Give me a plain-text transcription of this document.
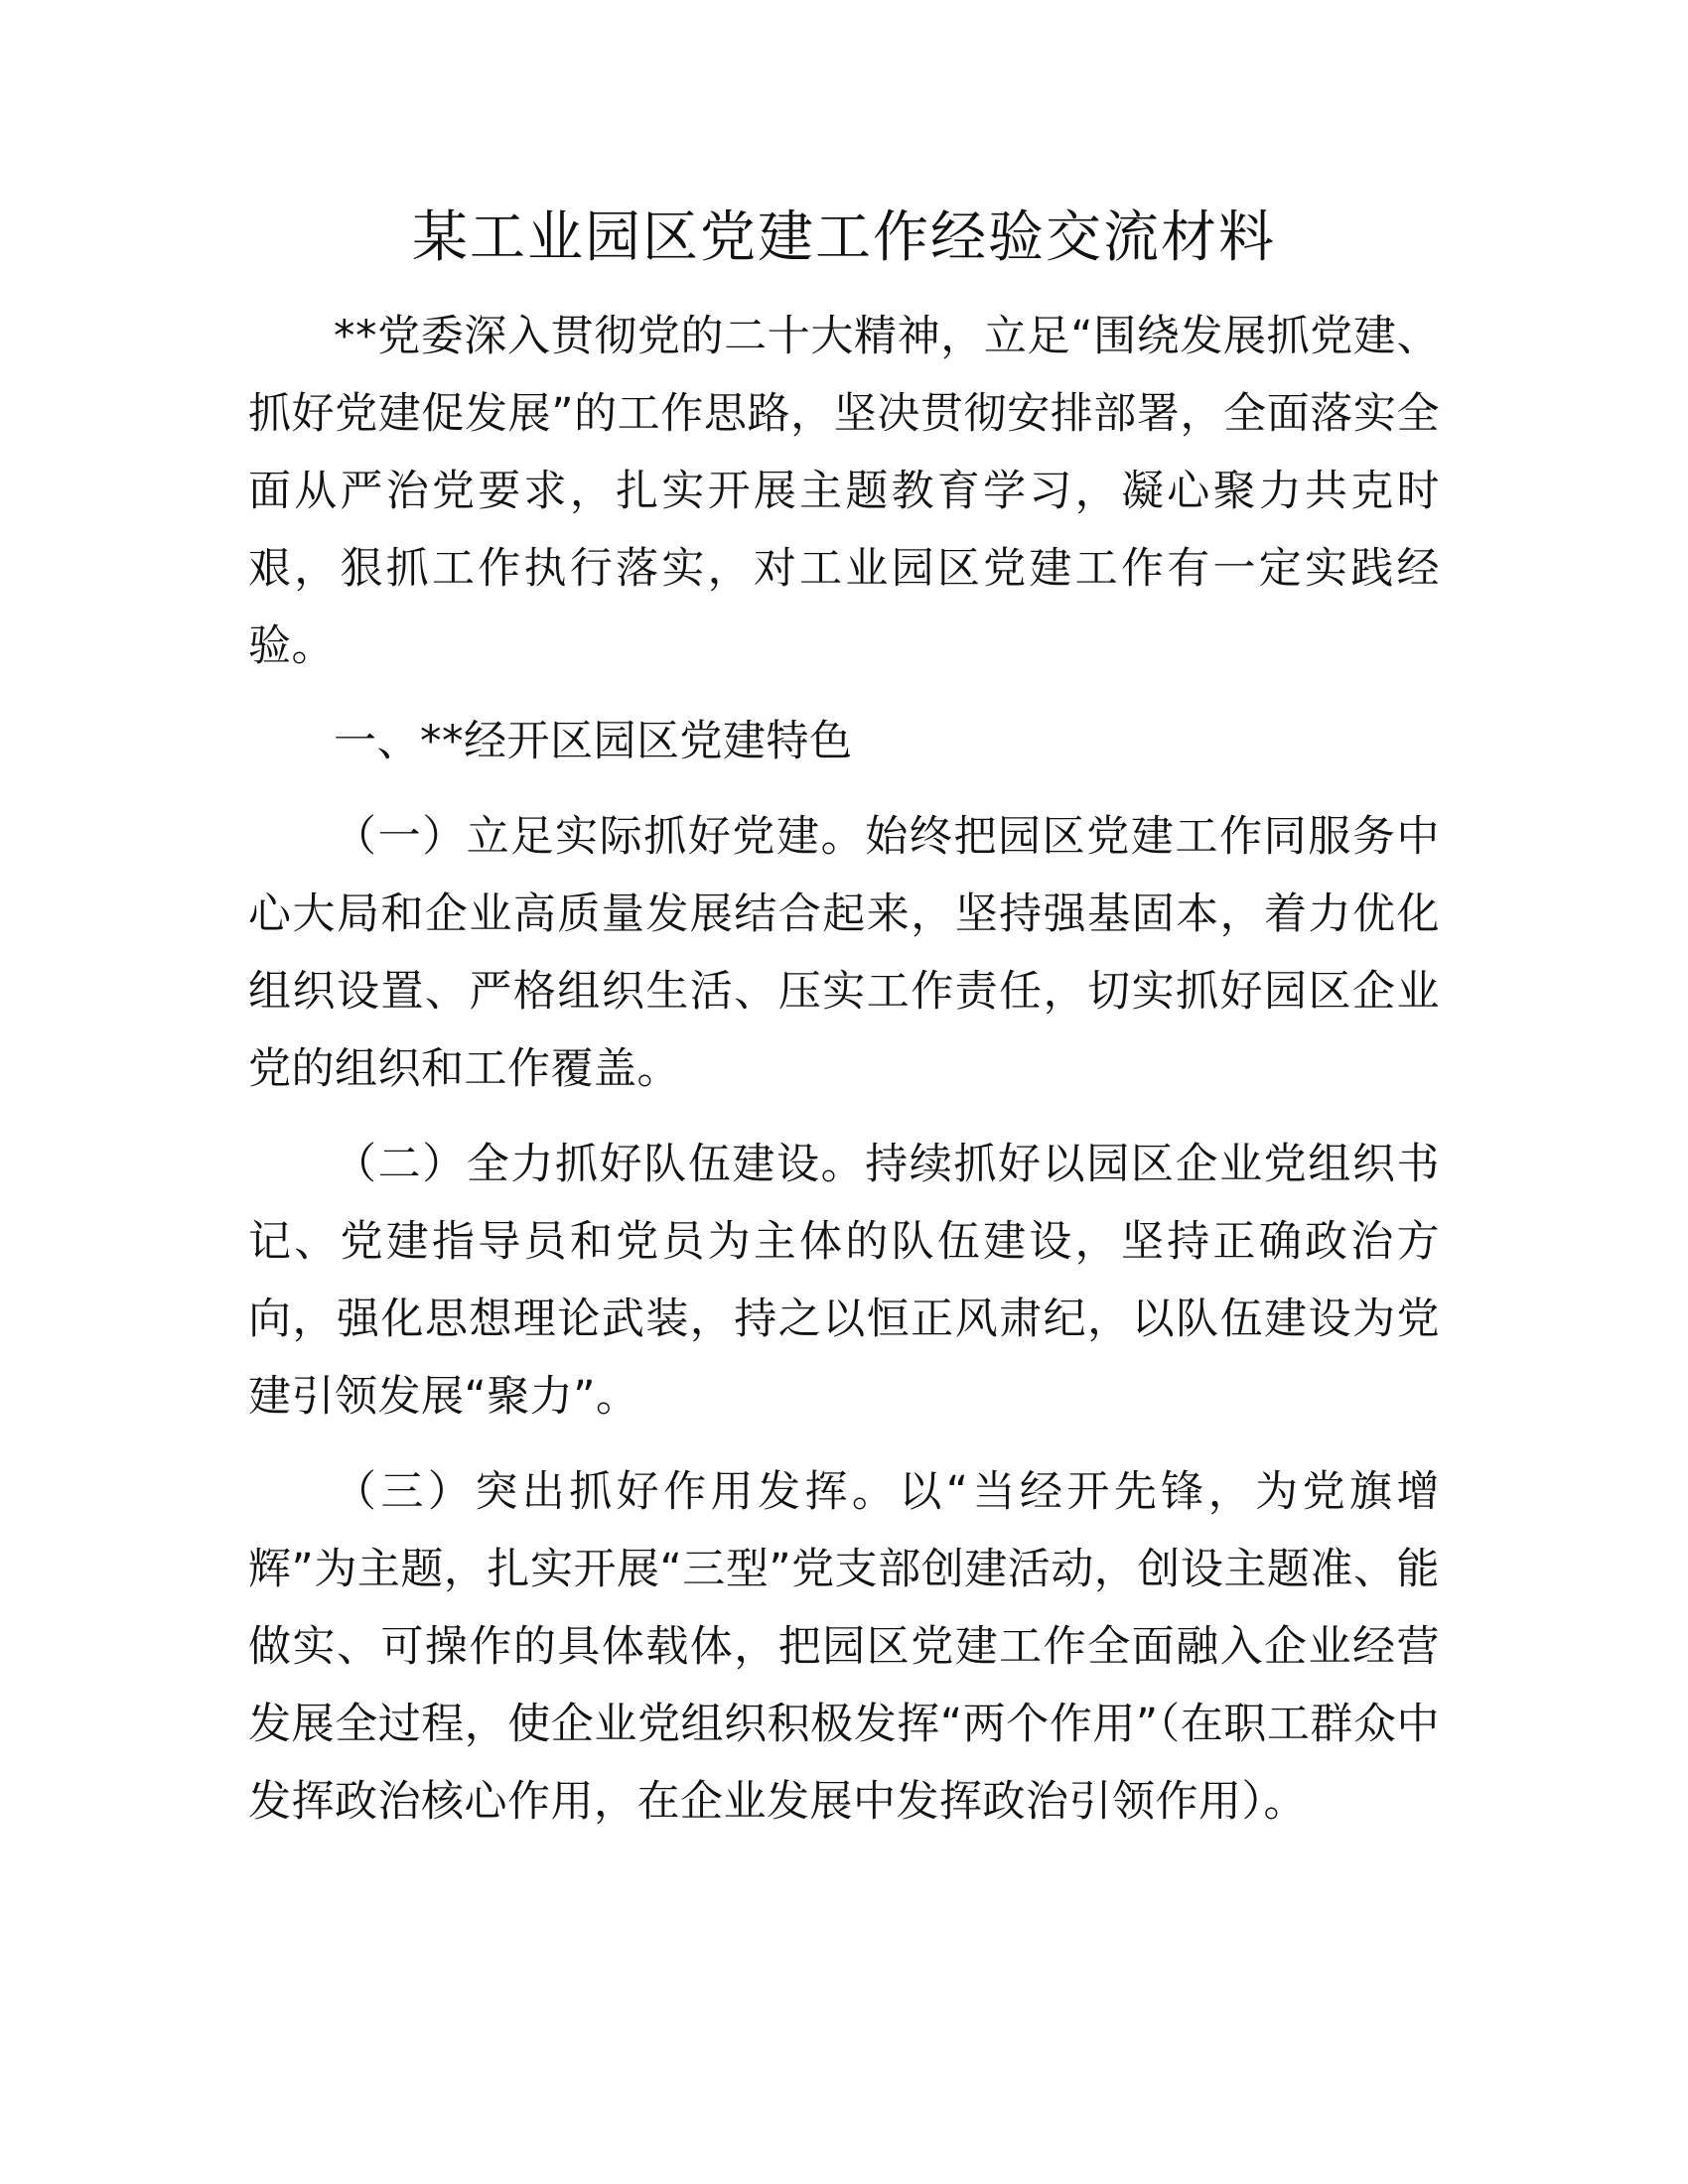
某工业园区党建工作经验交流材料

**党委深入贯彻党的二十大精神，立足“围绕发展抓党建、抓好党建促发展”的工作思路，坚决贯彻安排部署，全面落实全面从严治党要求，扎实开展主题教育学习，凝心聚力共克时艰，狠抓工作执行落实，对工业园区党建工作有一定实践经验。

一、**经开区园区党建特色

（一）立足实际抓好党建。始终把园区党建工作同服务中心大局和企业高质量发展结合起来，坚持强基固本，着力优化组织设置、严格组织生活、压实工作责任，切实抓好园区企业党的组织和工作覆盖。

（二）全力抓好队伍建设。持续抓好以园区企业党组织书记、党建指导员和党员为主体的队伍建设，坚持正确政治方向，强化思想理论武装，持之以恒正风肃纪，以队伍建设为党建引领发展“聚力”。

（三）突出抓好作用发挥。以“当经开先锋，为党旗增辉”为主题，扎实开展“三型”党支部创建活动，创设主题准、能做实、可操作的具体载体，把园区党建工作全面融入企业经营发展全过程，使企业党组织积极发挥“两个作用”（在职工群众中发挥政治核心作用，在企业发展中发挥政治引领作用）。
